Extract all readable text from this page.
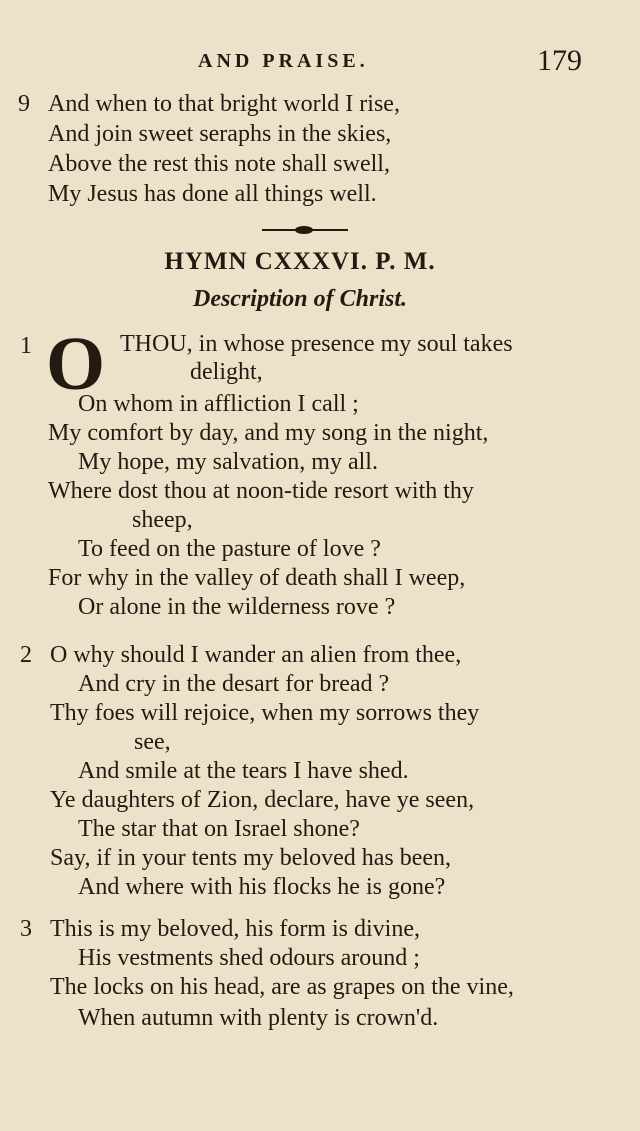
AND PRAISE.	179
9 And when to that bright world I rise,
And join sweet seraphs in the skies,
Above the rest this note shall swell,
My Jesus has done all things well.
HYMN CXXXVI. P. M.
Description of Christ.
1 O THOU, in whose presence my soul takes
delight,
On whom in affliction I call ;
My comfort by day, and my song in the night,
My hope, my salvation, my all.
Where dost thou at noon-tide resort with thy
sheep,
To feed on the pasture of love ?
For why in the valley of death shall I weep,
Or alone in the wilderness rove ?
2 O why should I wander an alien from thee,
And cry in the desart for bread ?
Thy foes will rejoice, when my sorrows they
see,
And smile at the tears I have shed.
Ye daughters of Zion, declare, have ye seen,
The star that on Israel shone?
Say, if in your tents my beloved has been,
And where with his flocks he is gone?
3 This is my beloved, his form is divine,
His vestments shed odours around ;
The locks on his head, are as grapes on the vine,
When autumn with plenty is crown'd.
